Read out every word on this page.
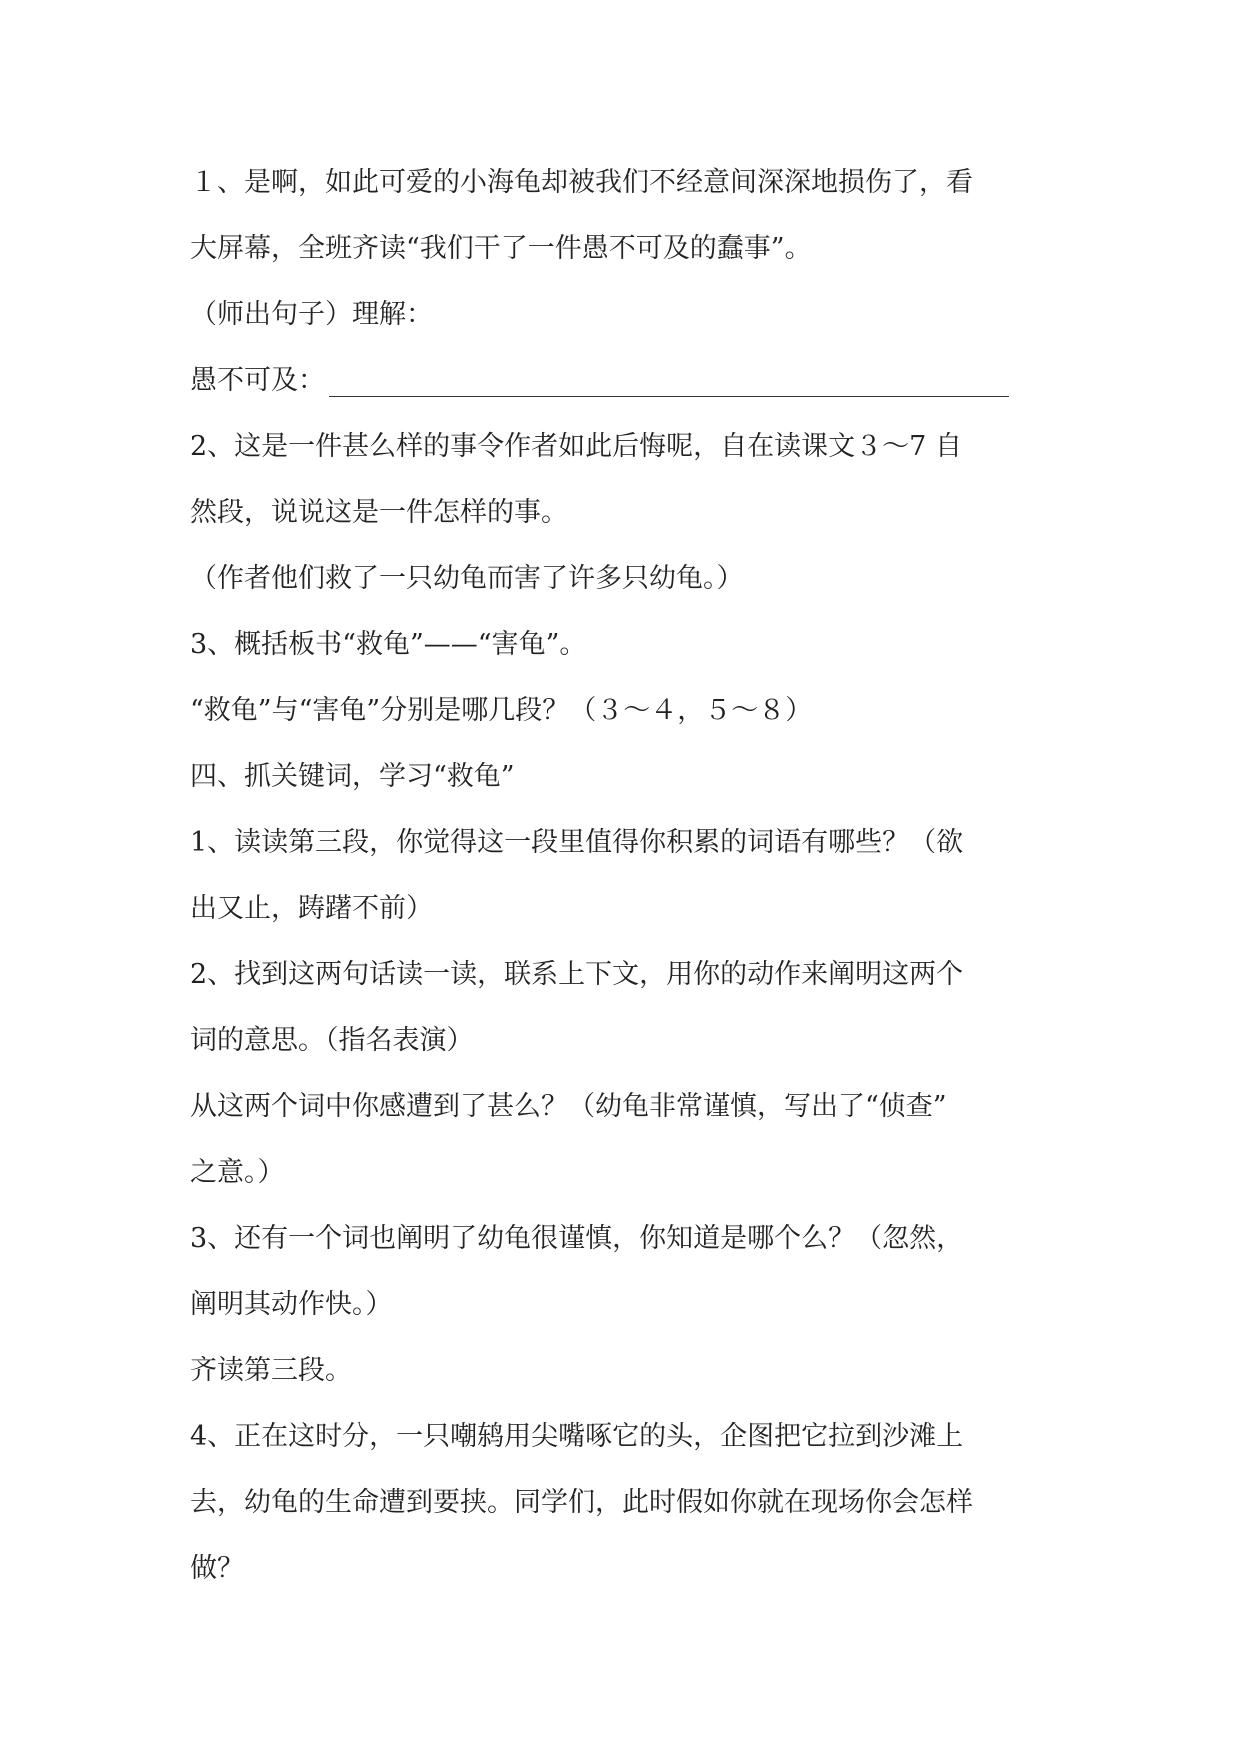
１、是啊，如此可爱的小海龟却被我们不经意间深深地损伤了，看
大屏幕，全班齐读“我们干了一件愚不可及的蠢事”。
（师出句子）理解：
愚不可及：
2、这是一件甚么样的事令作者如此后悔呢，自在读课文３～7 自
然段，说说这是一件怎样的事。
（作者他们救了一只幼龟而害了许多只幼龟。）
3、概括板书“救龟”——“害龟”。
“救龟”与“害龟”分别是哪几段？（３～４，５～８）
四、抓关键词，学习“救龟”
1、读读第三段，你觉得这一段里值得你积累的词语有哪些？（欲
出又止，踌躇不前）
2、找到这两句话读一读，联系上下文，用你的动作来阐明这两个
词的意思。（指名表演）
从这两个词中你感遭到了甚么？（幼龟非常谨慎，写出了“侦查”
之意。）
3、还有一个词也阐明了幼龟很谨慎，你知道是哪个么？（忽然，
阐明其动作快。）
齐读第三段。
4、正在这时分，一只嘲鸫用尖嘴啄它的头，企图把它拉到沙滩上
去，幼龟的生命遭到要挟。同学们，此时假如你就在现场你会怎样
做？
